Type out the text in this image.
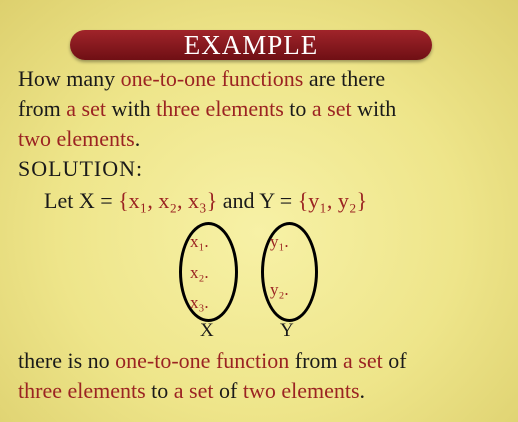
EXAMPLE
How many one-to-one functions are there
from a set with three elements to a set with
two elements.
SOLUTION:
Let X = {x₁, x₂, x₃} and Y = {y₁, y₂}
x₁.
x₂.
x₃.
y₁.
y₂.
X	Y
there is no one-to-one function from a set of
three elements to a set of two elements.
